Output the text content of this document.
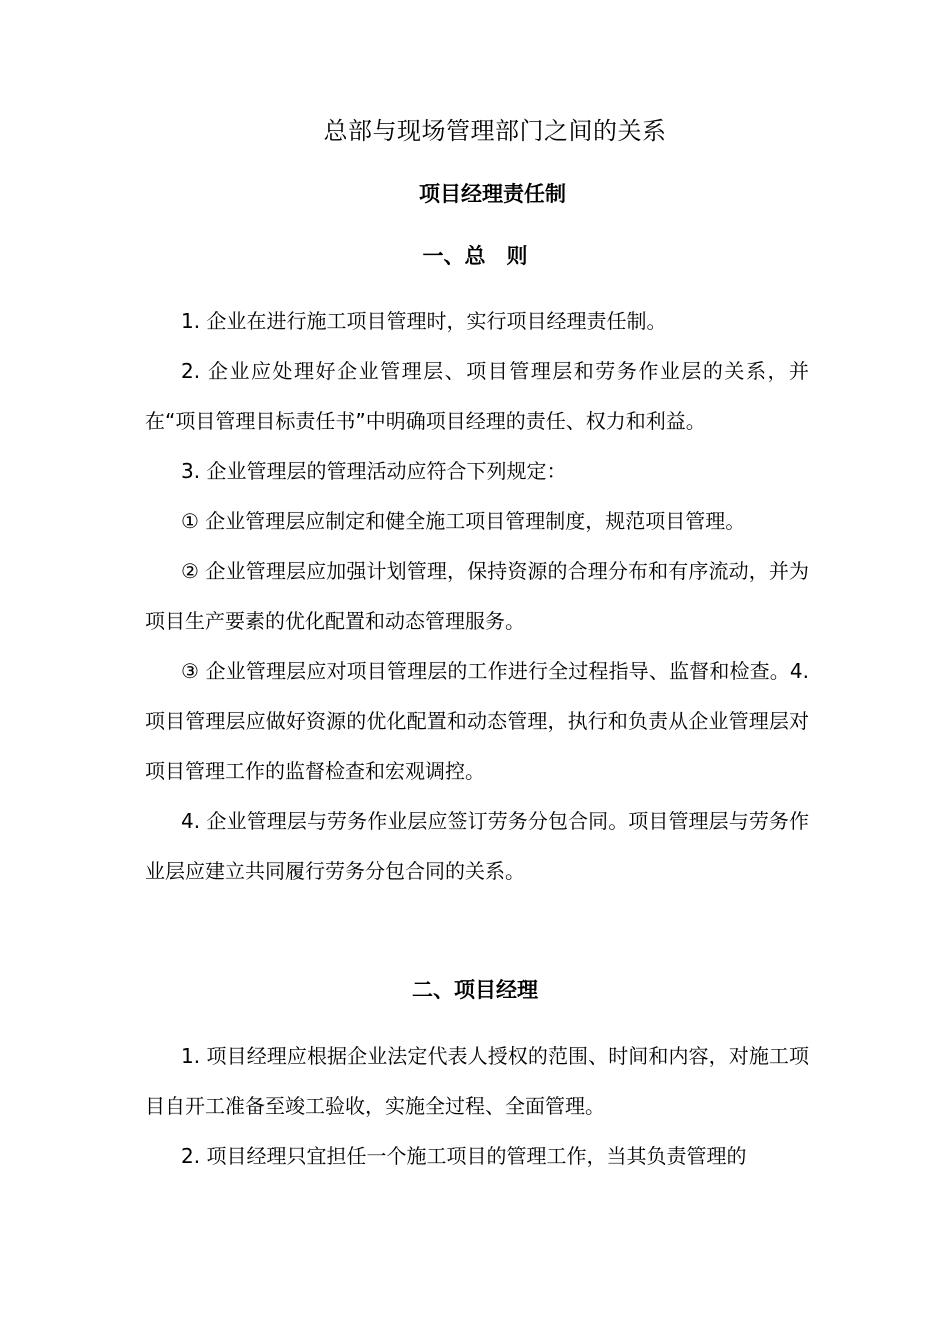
总部与现场管理部门之间的关系
项目经理责任制
一、总　则

1. 企业在进行施工项目管理时，实行项目经理责任制。

2. 企业应处理好企业管理层、项目管理层和劳务作业层的关系，并在“项目管理目标责任书”中明确项目经理的责任、权力和利益。

3. 企业管理层的管理活动应符合下列规定：

① 企业管理层应制定和健全施工项目管理制度，规范项目管理。

② 企业管理层应加强计划管理，保持资源的合理分布和有序流动，并为项目生产要素的优化配置和动态管理服务。

③ 企业管理层应对项目管理层的工作进行全过程指导、监督和检查。4. 项目管理层应做好资源的优化配置和动态管理，执行和负责从企业管理层对项目管理工作的监督检查和宏观调控。

4. 企业管理层与劳务作业层应签订劳务分包合同。项目管理层与劳务作业层应建立共同履行劳务分包合同的关系。

二、项目经理

1. 项目经理应根据企业法定代表人授权的范围、时间和内容，对施工项目自开工准备至竣工验收，实施全过程、全面管理。

2. 项目经理只宜担任一个施工项目的管理工作，当其负责管理的
